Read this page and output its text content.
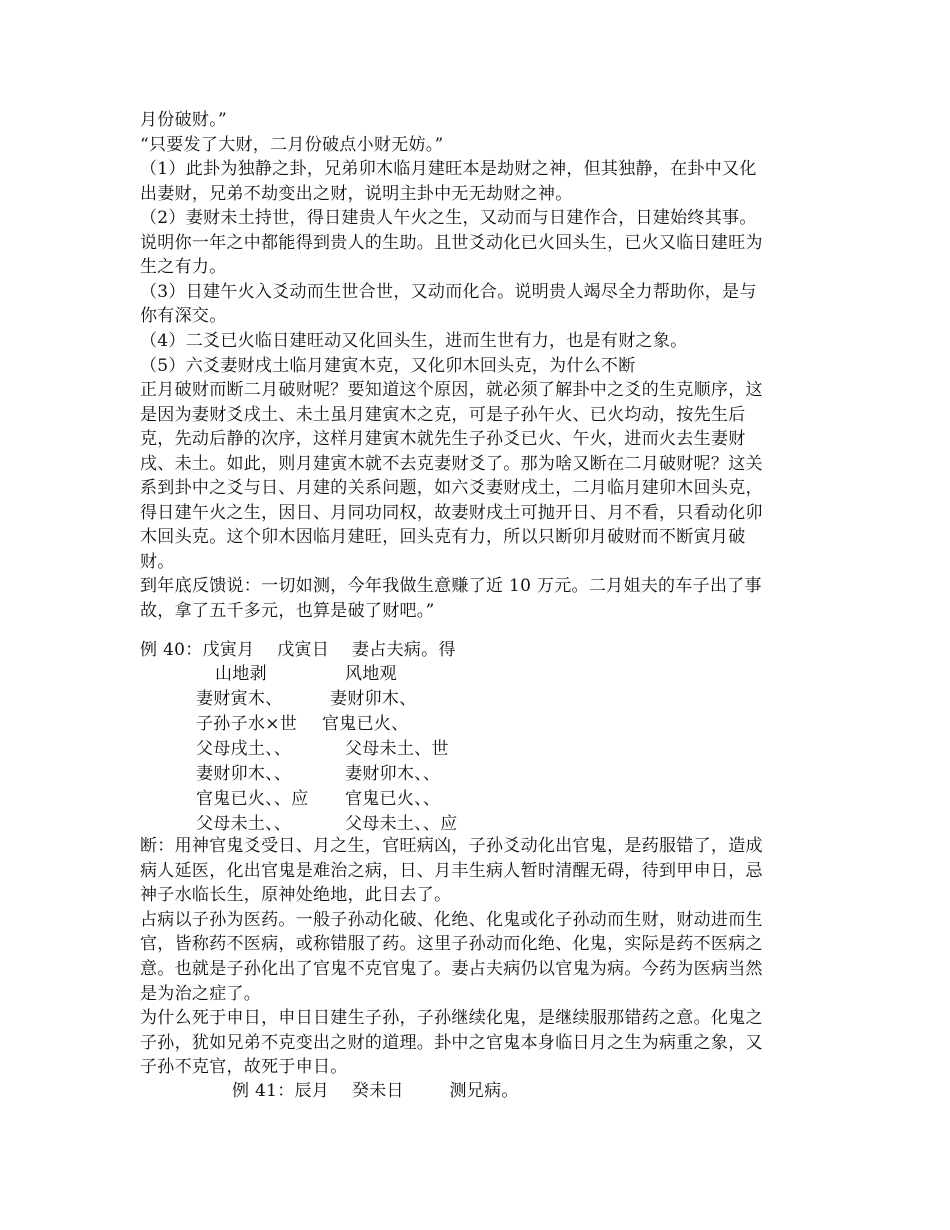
月份破财。”
“只要发了大财，二月份破点小财无妨。”
（1）此卦为独静之卦，兄弟卯木临月建旺本是劫财之神，但其独静，在卦中又化
出妻财，兄弟不劫变出之财，说明主卦中无无劫财之神。
（2）妻财未土持世，得日建贵人午火之生，又动而与日建作合，日建始终其事。
说明你一年之中都能得到贵人的生助。且世爻动化已火回头生，已火又临日建旺为
生之有力。
（3）日建午火入爻动而生世合世，又动而化合。说明贵人竭尽全力帮助你，是与
你有深交。
（4）二爻已火临日建旺动又化回头生，进而生世有力，也是有财之象。
（5）六爻妻财戌土临月建寅木克，又化卯木回头克，为什么不断
正月破财而断二月破财呢？要知道这个原因，就必须了解卦中之爻的生克顺序，这
是因为妻财爻戌土、未土虽月建寅木之克，可是子孙午火、已火均动，按先生后
克，先动后静的次序，这样月建寅木就先生子孙爻已火、午火，进而火去生妻财
戌、未土。如此，则月建寅木就不去克妻财爻了。那为啥又断在二月破财呢？这关
系到卦中之爻与日、月建的关系问题，如六爻妻财戌土，二月临月建卯木回头克，
得日建午火之生，因日、月同功同权，故妻财戌土可抛开日、月不看，只看动化卯
木回头克。这个卯木因临月建旺，回头克有力，所以只断卯月破财而不断寅月破
财。
到年底反馈说：一切如测，今年我做生意赚了近 10 万元。二月姐夫的车子出了事
故，拿了五千多元，也算是破了财吧。”
例 40：戊寅月    戊寅日    妻占夫病。得
山地剥	风地观
妻财寅木、
子孙子水×世
父母戌土、、
妻财卯木、、
官鬼已火、、应
父母未土、、
妻财卯木、
官鬼已火、
父母未土、世
妻财卯木、、
官鬼已火、、
父母未土、、应
断：用神官鬼爻受日、月之生，官旺病凶，子孙爻动化出官鬼，是药服错了，造成
病人延医，化出官鬼是难治之病，日、月丰生病人暂时清醒无碍，待到甲申日，忌
神子水临长生，原神处绝地，此日去了。
占病以子孙为医药。一般子孙动化破、化绝、化鬼或化子孙动而生财，财动进而生
官，皆称药不医病，或称错服了药。这里子孙动而化绝、化鬼，实际是药不医病之
意。也就是子孙化出了官鬼不克官鬼了。妻占夫病仍以官鬼为病。今药为医病当然
是为治之症了。
为什么死于申日，申日日建生子孙，子孙继续化鬼，是继续服那错药之意。化鬼之
子孙，犹如兄弟不克变出之财的道理。卦中之官鬼本身临日月之生为病重之象，又
子孙不克官，故死于申日。
例 41：辰月    癸未日        测兄病。
